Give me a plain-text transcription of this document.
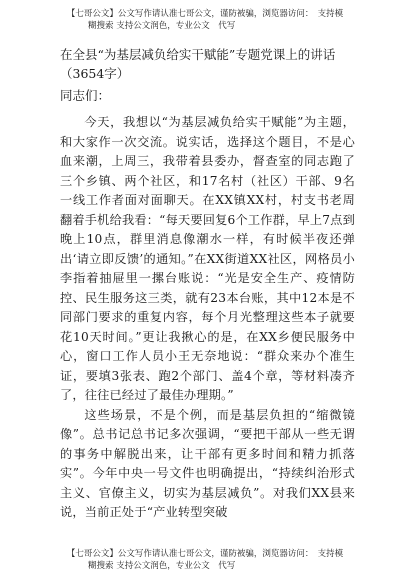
【七哥公文】公文写作请认准七哥公文，谨防被骗，浏览器访问：　支持模
糊搜索 支持公文润色，专业公文　代写
在全县“为基层减负给实干赋能”专题党课上的讲话（3654字）
同志们：

今天，我想以“为基层减负给实干赋能”为主题，和大家作一次交流。说实话，选择这个题目，不是心血来潮，上周三，我带着县委办，督查室的同志跑了三个乡镇、两个社区，和17名村（社区）干部、9名一线工作者面对面聊天。在XX镇XX村，村支书老周翻着手机给我看：“每天要回复6个工作群，早上7点到晚上10点，群里消息像潮水一样，有时候半夜还弹出‘请立即反馈’的通知。”在XX街道XX社区，网格员小李指着抽屉里一摞台账说：“光是安全生产、疫情防控、民生服务这三类，就有23本台账，其中12本是不同部门要求的重复内容，每个月光整理这些本子就要花10天时间。”更让我揪心的是，在XX乡便民服务中心，窗口工作人员小王无奈地说：“群众来办个准生证，要填3张表、跑2个部门、盖4个章，等材料凑齐了，往往已经过了最佳办理期。”

这些场景，不是个例，而是基层负担的“缩微镜像”。总书记总书记多次强调，“要把干部从一些无谓的事务中解脱出来，让干部有更多时间和精力抓落实”。今年中央一号文件也明确提出，“持续纠治形式主义、官僚主义，切实为基层减负”。对我们XX县来说，当前正处于“产业转型突破

【七哥公文】公文写作请认准七哥公文，谨防被骗，浏览器访问：　支持模
糊搜索 支持公文润色，专业公文　代写
